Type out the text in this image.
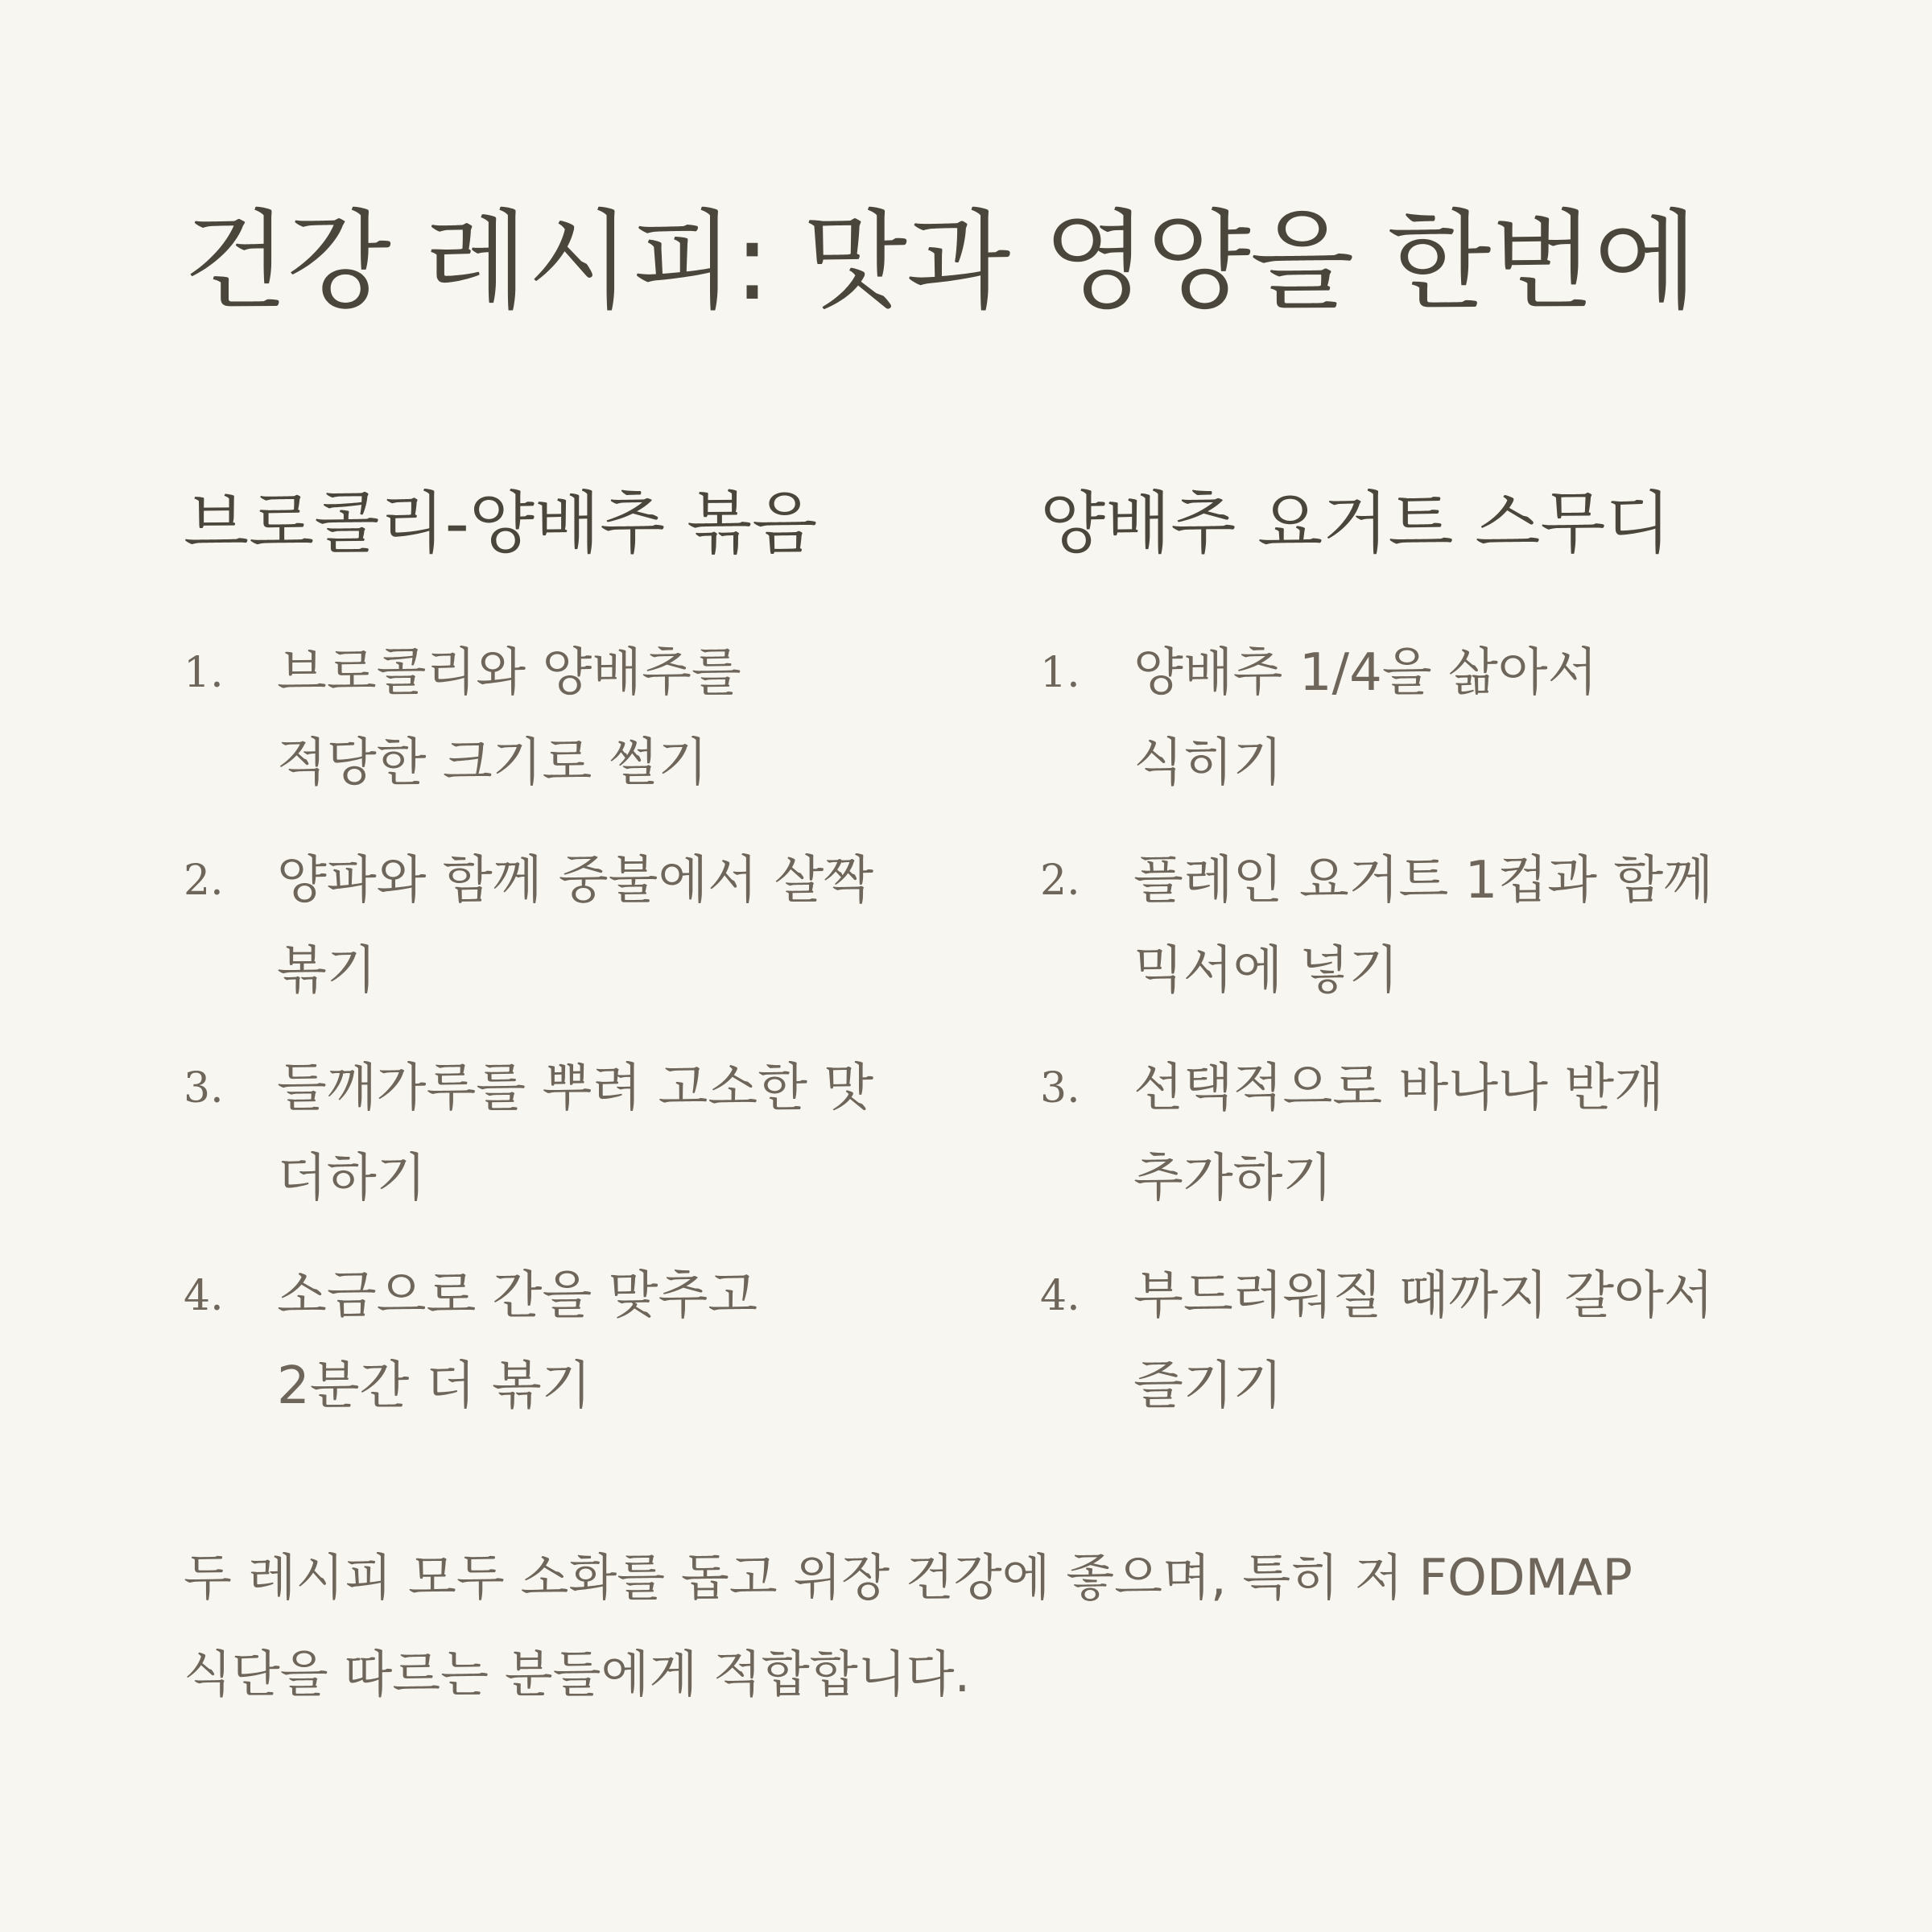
건강 레시피: 맛과 영양을 한번에
브로콜리-양배추 볶음
1. 브로콜리와 양배추를 적당한 크기로 썰기
2. 양파와 함께 중불에서 살짝 볶기
3. 들깨가루를 뿌려 고소한 맛 더하기
4. 소금으로 간을 맞추고 2분간 더 볶기
양배추 요거트 스무디
1. 양배추 1/4을 삶아서 식히기
2. 플레인 요거트 1컵과 함께 믹서에 넣기
3. 선택적으로 바나나 반개 추가하기
4. 부드러워질 때까지 갈아서 즐기기

두 레시피 모두 소화를 돕고 위장 건강에 좋으며, 특히 저 FODMAP 식단을 따르는 분들에게 적합합니다.
